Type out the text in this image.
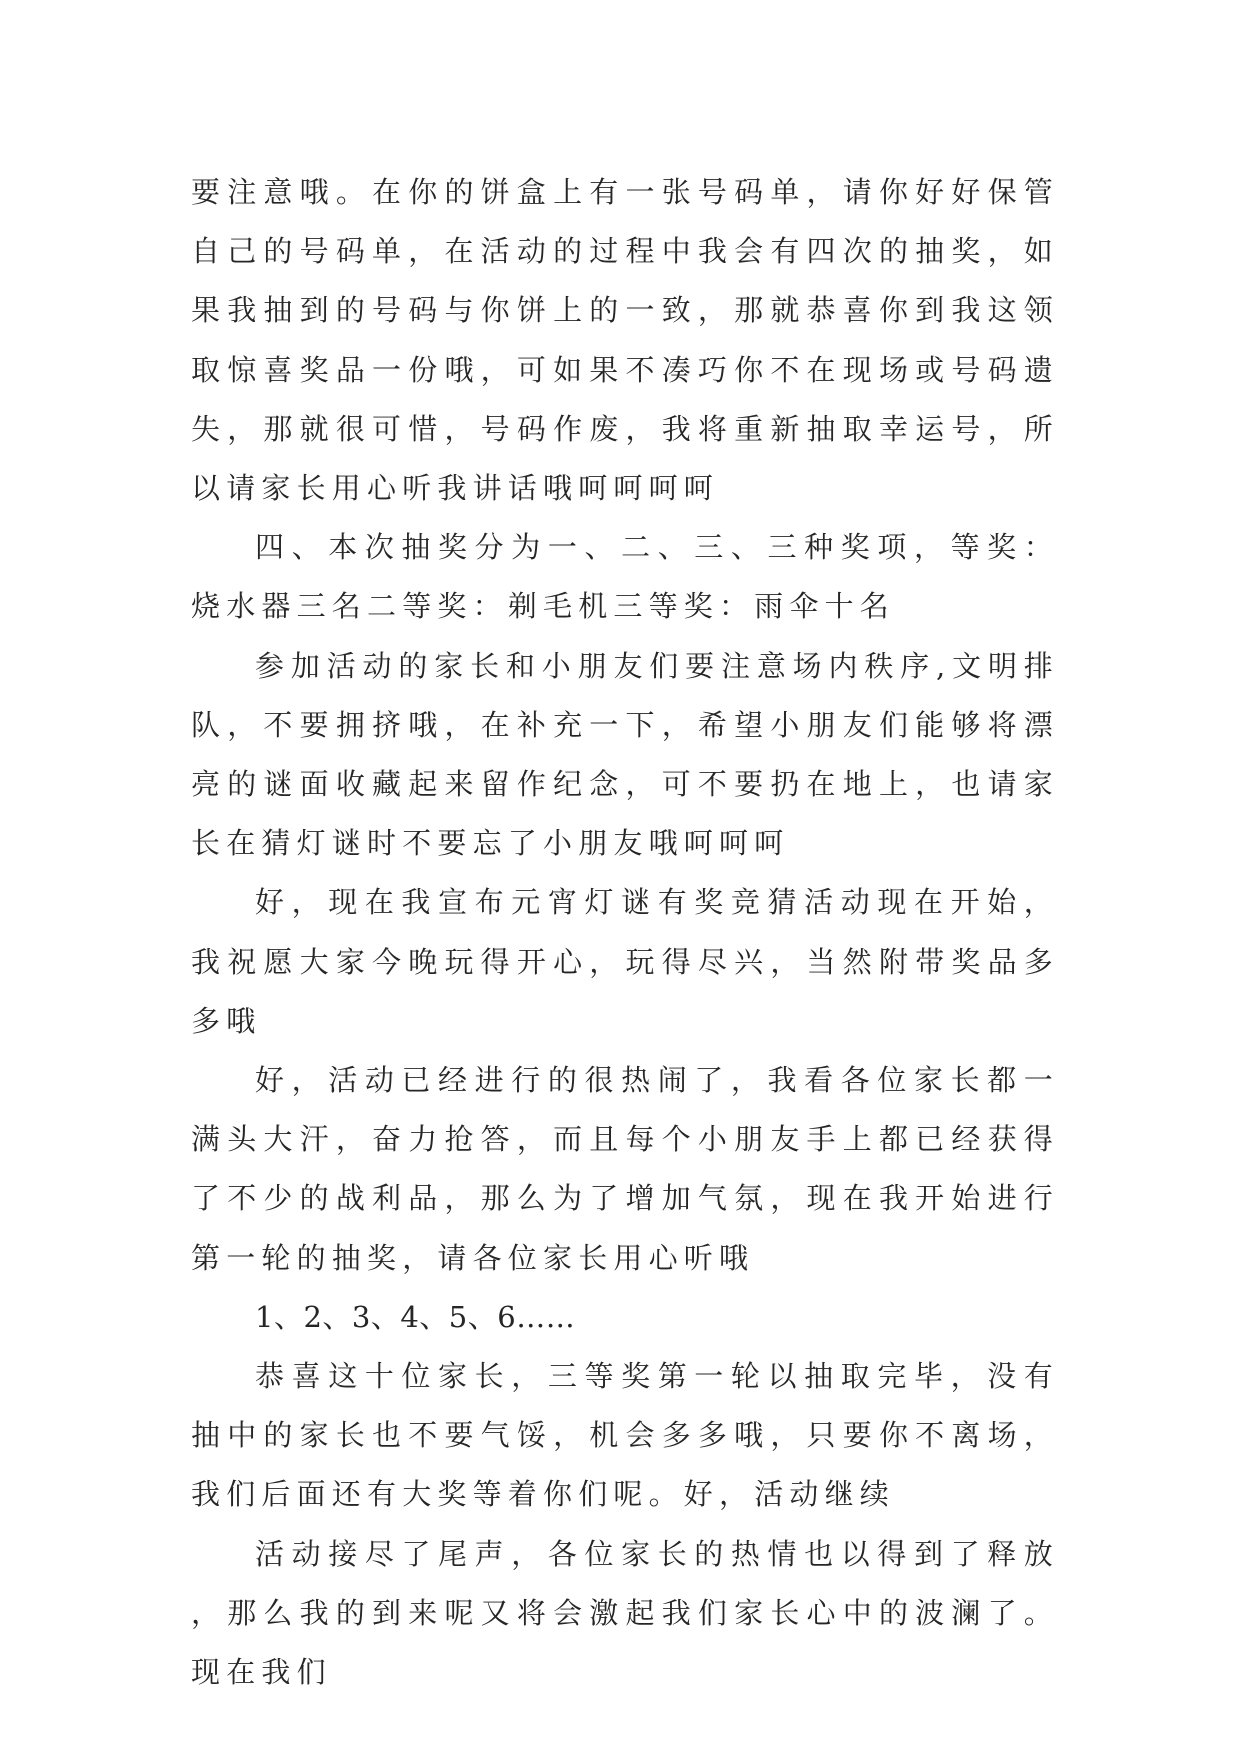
要注意哦。在你的饼盒上有一张号码单，请你好好保管自己的号码单，在活动的过程中我会有四次的抽奖，如果我抽到的号码与你饼上的一致，那就恭喜你到我这领取惊喜奖品一份哦，可如果不凑巧你不在现场或号码遗失，那就很可惜，号码作废，我将重新抽取幸运号，所以请家长用心听我讲话哦呵呵呵呵

四、本次抽奖分为一、二、三、三种奖项，等奖：烧水器三名二等奖：剃毛机三等奖：雨伞十名

参加活动的家长和小朋友们要注意场内秩序,文明排队，不要拥挤哦，在补充一下，希望小朋友们能够将漂亮的谜面收藏起来留作纪念，可不要扔在地上，也请家长在猜灯谜时不要忘了小朋友哦呵呵呵

好，现在我宣布元宵灯谜有奖竞猜活动现在开始，我祝愿大家今晚玩得开心，玩得尽兴，当然附带奖品多多哦

好，活动已经进行的很热闹了，我看各位家长都一满头大汗，奋力抢答，而且每个小朋友手上都已经获得了不少的战利品，那么为了增加气氛，现在我开始进行第一轮的抽奖，请各位家长用心听哦

1、2、3、4、5、6……

恭喜这十位家长，三等奖第一轮以抽取完毕，没有抽中的家长也不要气馁，机会多多哦，只要你不离场，我们后面还有大奖等着你们呢。好，活动继续

活动接尽了尾声，各位家长的热情也以得到了释放，那么我的到来呢又将会激起我们家长心中的波澜了。现在我们
